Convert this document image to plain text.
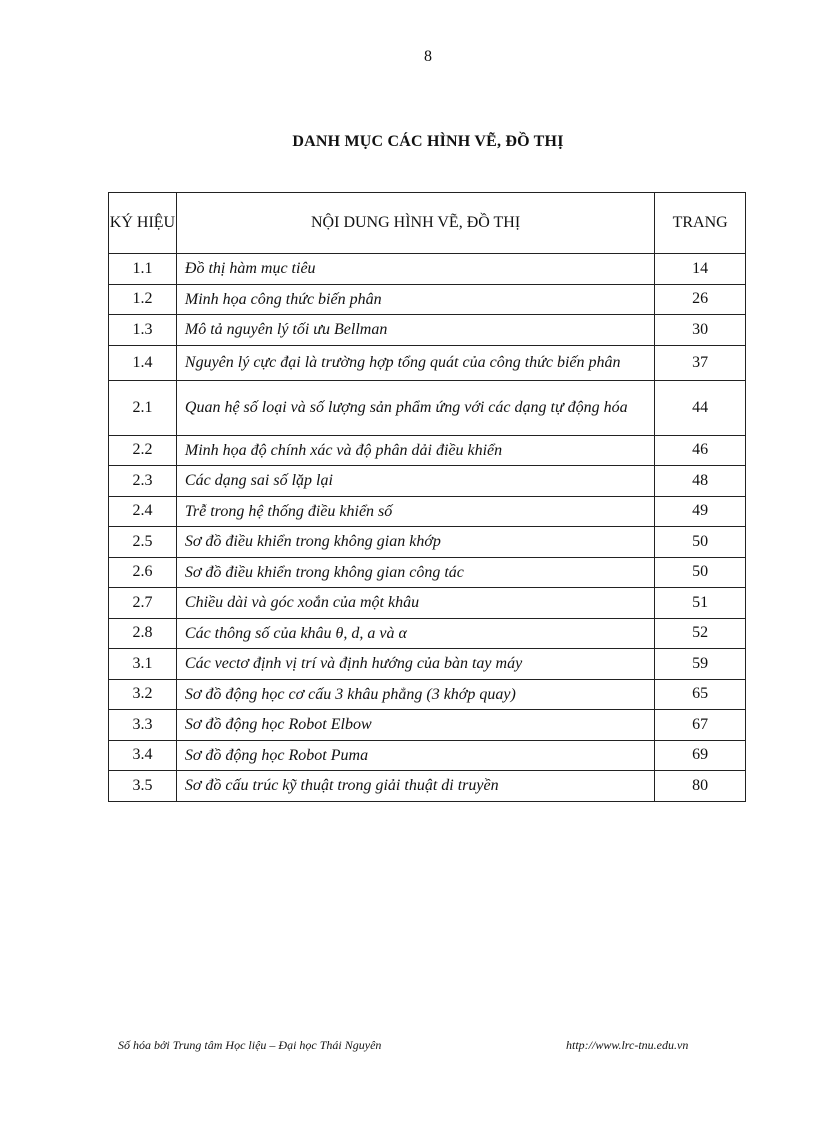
8
DANH MỤC CÁC HÌNH VẼ, ĐỒ THỊ
KÝ HIỆU	NỘI DUNG HÌNH VẼ, ĐỒ THỊ	TRANG
1.1	Đồ thị hàm mục tiêu	14
1.2	Minh họa công thức biến phân	26
1.3	Mô tả nguyên lý tối ưu Bellman	30
1.4	Nguyên lý cực đại là trường hợp tổng quát của công thức biến phân	37
2.1	Quan hệ số loại và số lượng sản phẩm ứng với các dạng tự động hóa	44
2.2	Minh họa độ chính xác và độ phân dải điều khiển	46
2.3	Các dạng sai số lặp lại	48
2.4	Trễ trong hệ thống điều khiển số	49
2.5	Sơ đồ điều khiển trong không gian khớp	50
2.6	Sơ đồ điều khiển trong không gian công tác	50
2.7	Chiều dài và góc xoắn của một khâu	51
2.8	Các thông số của khâu θ, d, a và α	52
3.1	Các vectơ định vị trí và định hướng của bàn tay máy	59
3.2	Sơ đồ động học cơ cấu 3 khâu phẳng (3 khớp quay)	65
3.3	Sơ đồ động học Robot Elbow	67
3.4	Sơ đồ động học Robot Puma	69
3.5	Sơ đồ cấu trúc kỹ thuật trong giải thuật di truyền	80
Số hóa bởi Trung tâm Học liệu – Đại học Thái Nguyên	http://www.lrc-tnu.edu.vn
